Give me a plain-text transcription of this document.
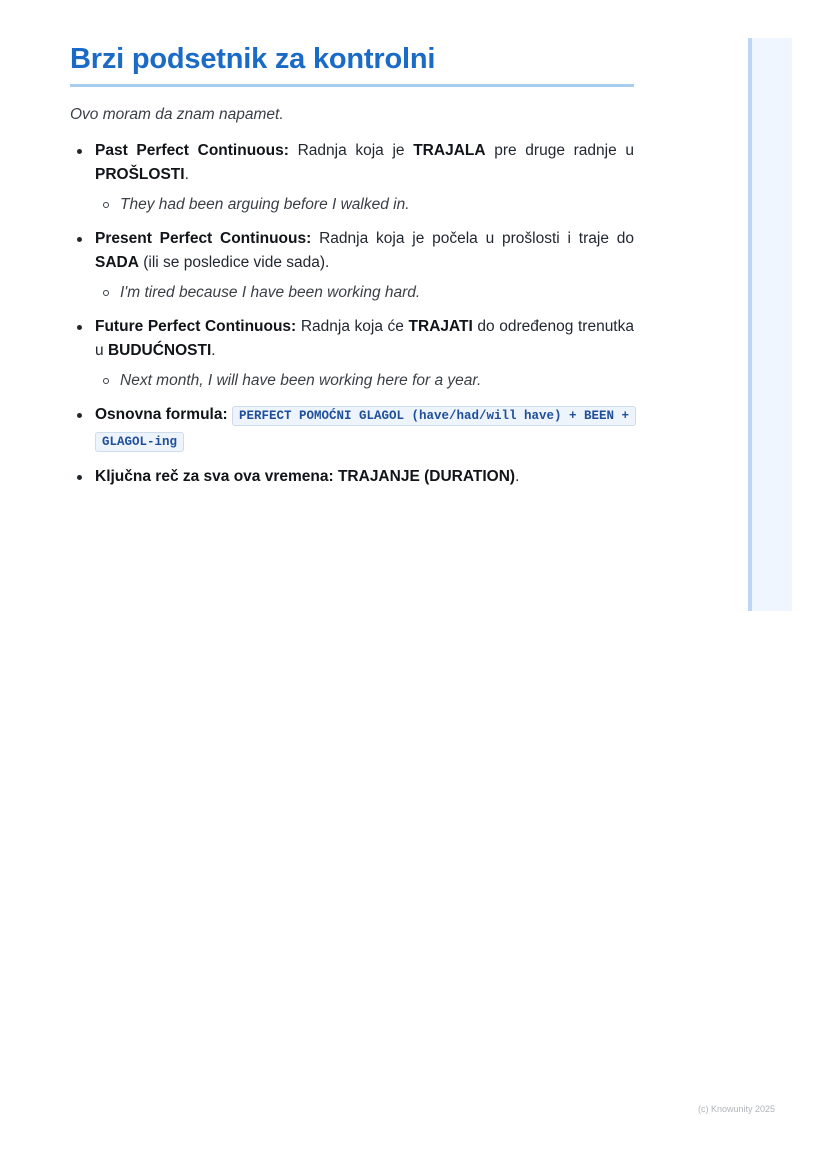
Brzi podsetnik za kontrolni

Ovo moram da znam napamet.

Past Perfect Continuous: Radnja koja je TRAJALA pre druge radnje u PROŠLOSTI.
They had been arguing before I walked in.
Present Perfect Continuous: Radnja koja je počela u prošlosti i traje do SADA (ili se posledice vide sada).
I'm tired because I have been working hard.
Future Perfect Continuous: Radnja koja će TRAJATI do određenog trenutka u BUDUĆNOSTI.
Next month, I will have been working here for a year.
Osnovna formula: PERFECT POMOĆNI GLAGOL (have/had/will have) + BEEN + GLAGOL-ing
Ključna reč za sva ova vremena: TRAJANJE (DURATION).
(c) Knowunity 2025
